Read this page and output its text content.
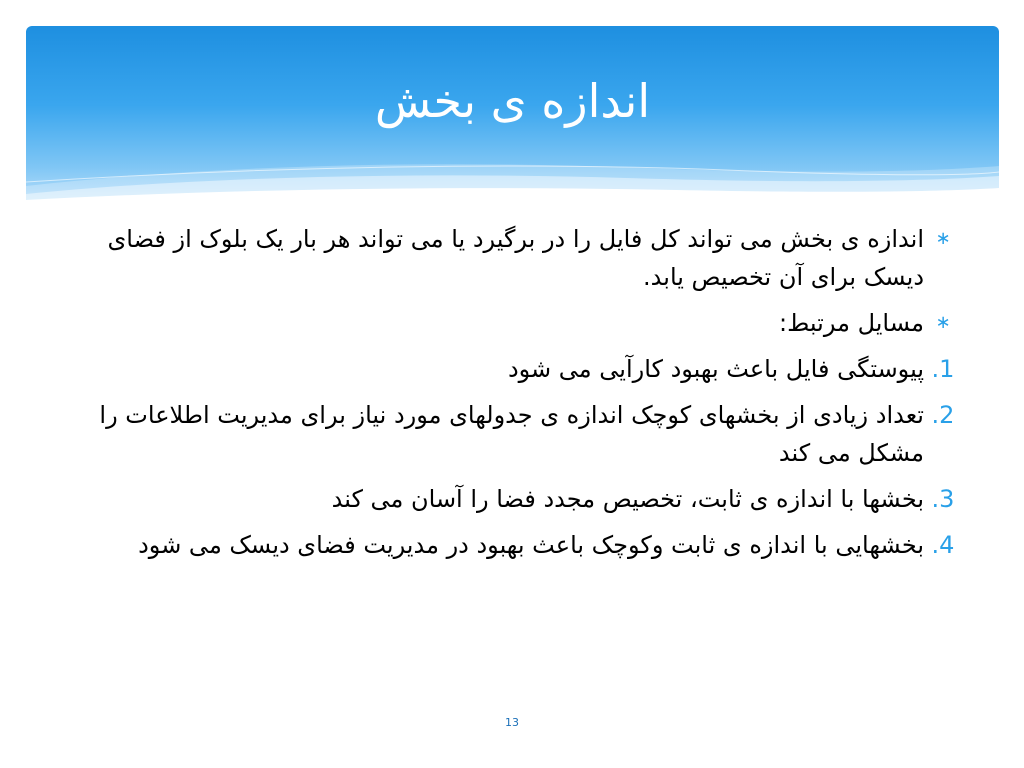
اندازه ی بخش
∗
اندازه ی بخش می تواند کل فایل را در برگیرد یا می تواند هر بار یک بلوک از فضای دیسک برای آن تخصیص یابد.
∗
مسایل مرتبط:
1.
پیوستگی فایل باعث بهبود کارآیی می شود
2.
تعداد زیادی از بخشهای کوچک اندازه ی جدولهای مورد نیاز برای مدیریت اطلاعات را مشکل می کند
3.
بخشها با اندازه ی ثابت، تخصیص مجدد فضا را آسان می کند
4.
بخشهایی با اندازه ی ثابت وکوچک باعث بهبود در مدیریت فضای دیسک می شود
13
